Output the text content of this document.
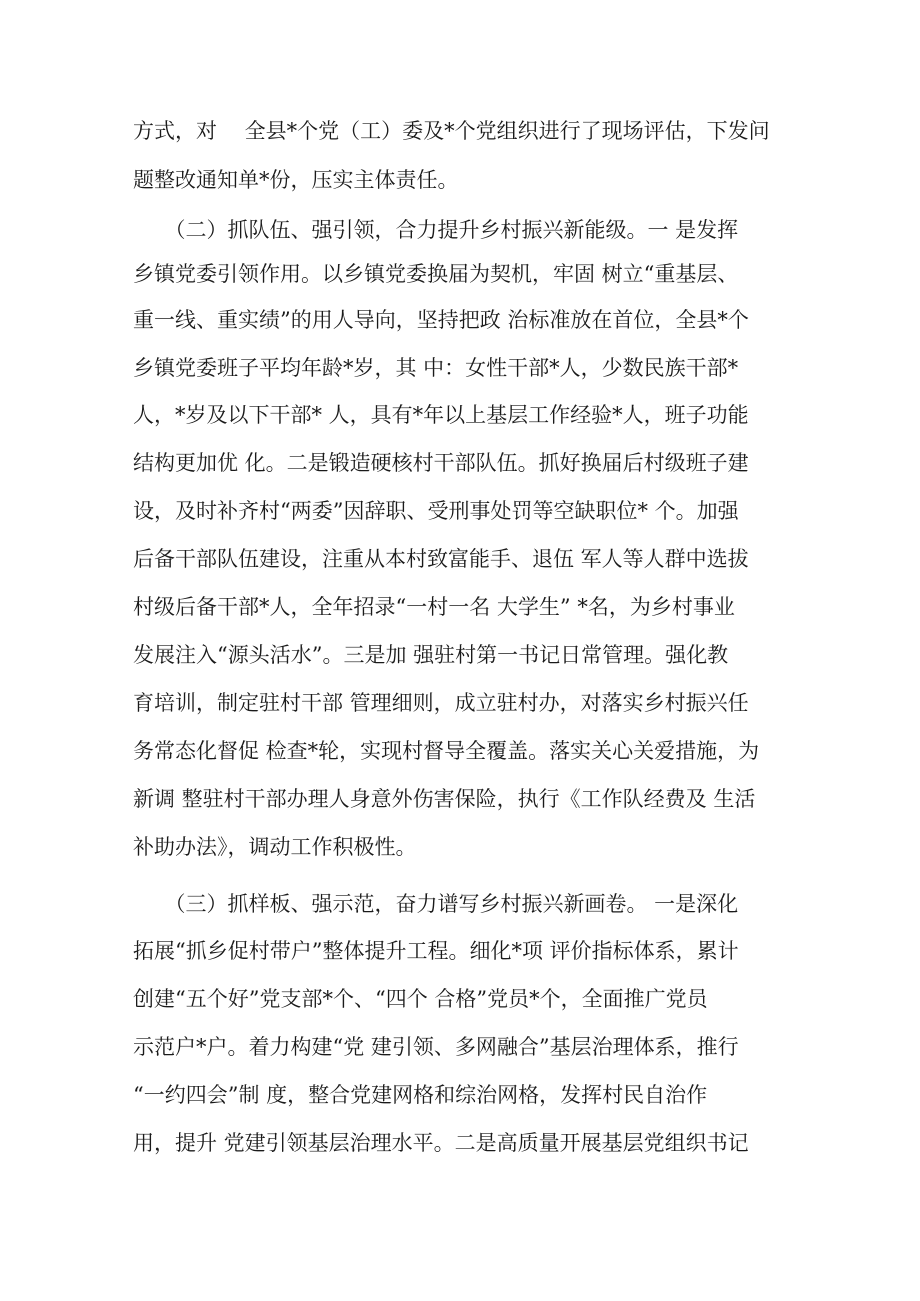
方式，对　 全县*个党（工）委及*个党组织进行了现场评估，下发问
题整改通知单*份，压实主体责任。
　　（二）抓队伍、强引领，合力提升乡村振兴新能级。一 是发挥
乡镇党委引领作用。以乡镇党委换届为契机，牢固 树立“重基层、
重一线、重实绩”的用人导向，坚持把政 治标准放在首位，全县*个
乡镇党委班子平均年龄*岁，其 中：女性干部*人，少数民族干部*
人，*岁及以下干部* 人，具有*年以上基层工作经验*人，班子功能
结构更加优 化。二是锻造硬核村干部队伍。抓好换届后村级班子建
设，及时补齐村“两委”因辞职、受刑事处罚等空缺职位* 个。加强
后备干部队伍建设，注重从本村致富能手、退伍 军人等人群中选拔
村级后备干部*人，全年招录“一村一名 大学生” *名，为乡村事业
发展注入“源头活水”。三是加 强驻村第一书记日常管理。强化教
育培训，制定驻村干部 管理细则，成立驻村办，对落实乡村振兴任
务常态化督促 检查*轮，实现村督导全覆盖。落实关心关爱措施，为
新调 整驻村干部办理人身意外伤害保险，执行《工作队经费及 生活
补助办法》，调动工作积极性。
　　（三）抓样板、强示范，奋力谱写乡村振兴新画卷。 一是深化
拓展“抓乡促村带户”整体提升工程。细化*项 评价指标体系，累计
创建“五个好”党支部*个、“四个 合格”党员*个，全面推广党员
示范户*户。着力构建“党 建引领、多网融合”基层治理体系，推行
“一约四会”制 度，整合党建网格和综治网格，发挥村民自治作
用，提升 党建引领基层治理水平。二是高质量开展基层党组织书记
